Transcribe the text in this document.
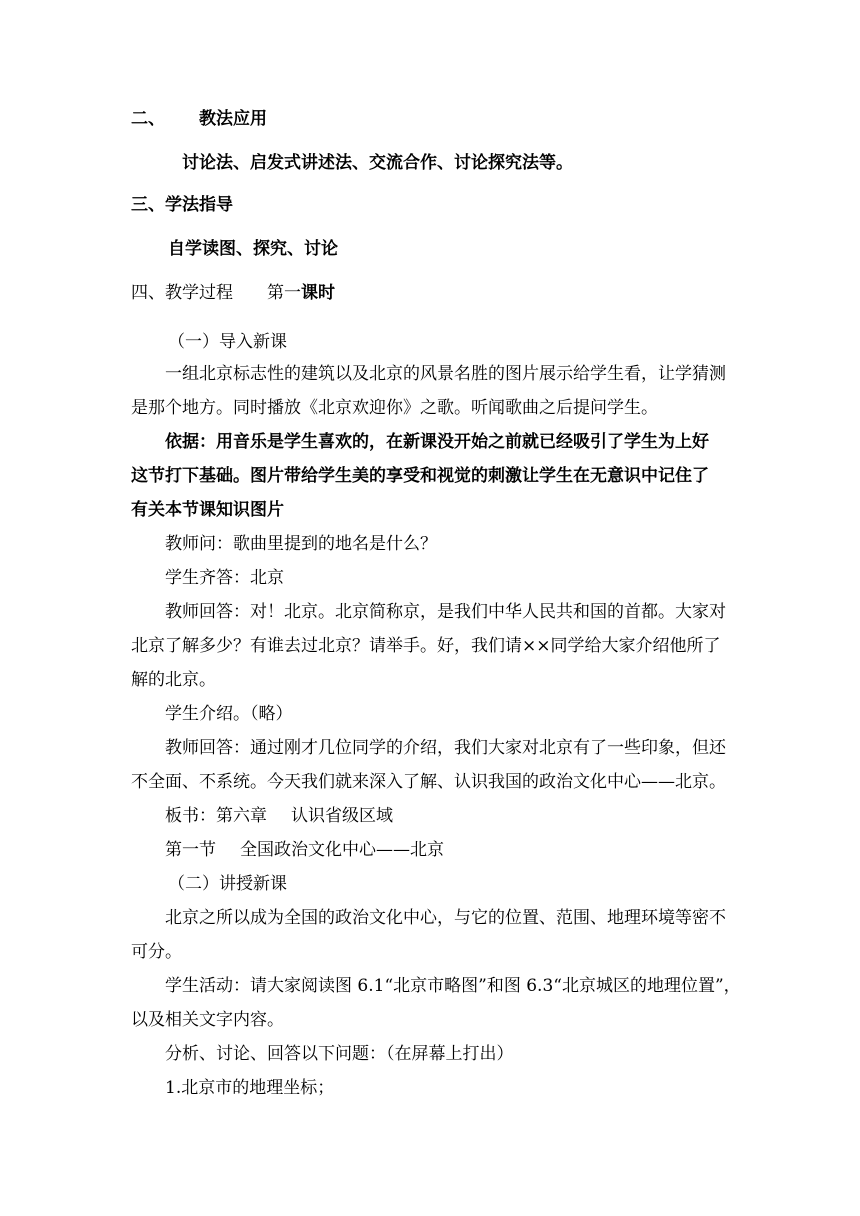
二、 教法应用
讨论法、启发式讲述法、交流合作、讨论探究法等。
三、学法指导
自学读图、探究、讨论
四、教学过程 第一课时
（一）导入新课
一组北京标志性的建筑以及北京的风景名胜的图片展示给学生看，让学猜测
是那个地方。同时播放《北京欢迎你》之歌。听闻歌曲之后提问学生。
依据：用音乐是学生喜欢的，在新课没开始之前就已经吸引了学生为上好
这节打下基础。图片带给学生美的享受和视觉的刺激让学生在无意识中记住了
有关本节课知识图片
教师问：歌曲里提到的地名是什么？
学生齐答：北京
教师回答：对！北京。北京简称京，是我们中华人民共和国的首都。大家对
北京了解多少？有谁去过北京？请举手。好，我们请××同学给大家介绍他所了
解的北京。
学生介绍。（略）
教师回答：通过刚才几位同学的介绍，我们大家对北京有了一些印象，但还
不全面、不系统。今天我们就来深入了解、认识我国的政治文化中心——北京。
板书：第六章 认识省级区域
第一节 全国政治文化中心——北京
（二）讲授新课
北京之所以成为全国的政治文化中心，与它的位置、范围、地理环境等密不
可分。
学生活动：请大家阅读图 6.1“北京市略图”和图 6.3“北京城区的地理位置”，
以及相关文字内容。
分析、讨论、回答以下问题：（在屏幕上打出）
1.北京市的地理坐标；
